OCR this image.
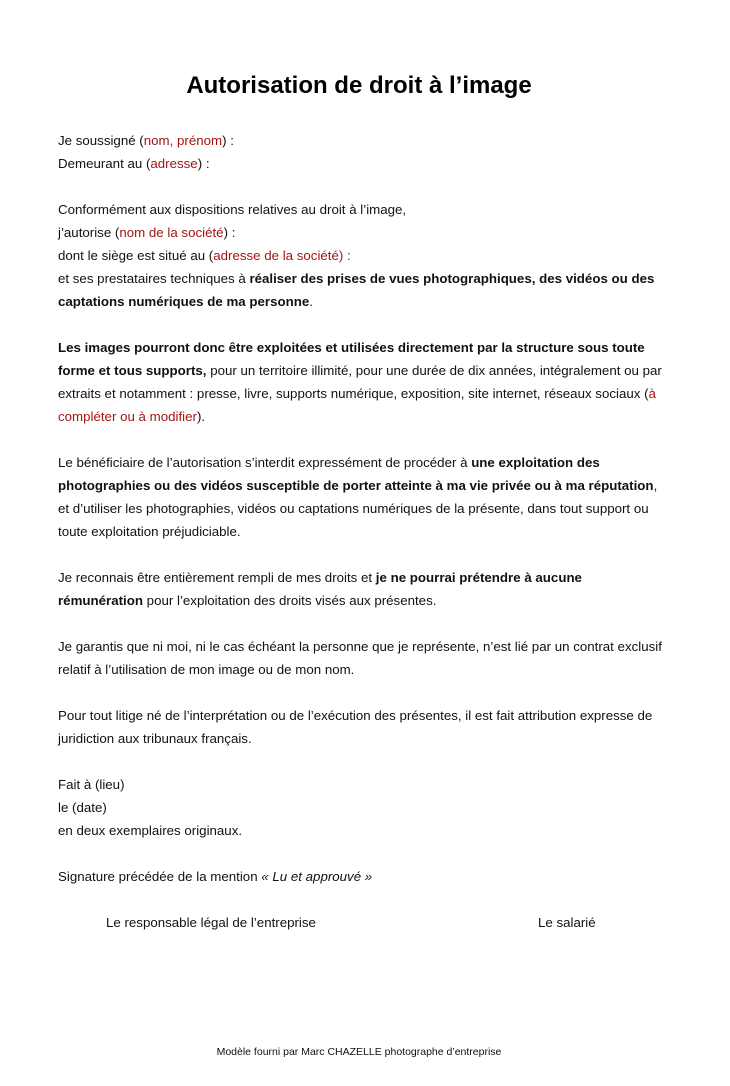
Autorisation de droit à l’image

Je soussigné (nom, prénom) :
Demeurant au (adresse) :

Conformément aux dispositions relatives au droit à l’image,
j’autorise (nom de la société) :
dont le siège est situé au (adresse de la société) :
et ses prestataires techniques à réaliser des prises de vues photographiques, des vidéos ou des captations numériques de ma personne.

Les images pourront donc être exploitées et utilisées directement par la structure sous toute forme et tous supports, pour un territoire illimité, pour une durée de dix années, intégralement ou par extraits et notamment : presse, livre, supports numérique, exposition, site internet, réseaux sociaux (à compléter ou à modifier).

Le bénéficiaire de l’autorisation s’interdit expressément de procéder à une exploitation des photographies ou des vidéos susceptible de porter atteinte à ma vie privée ou à ma réputation, et d’utiliser les photographies, vidéos ou captations numériques de la présente, dans tout support ou toute exploitation préjudiciable.

Je reconnais être entièrement rempli de mes droits et je ne pourrai prétendre à aucune rémunération pour l’exploitation des droits visés aux présentes.

Je garantis que ni moi, ni le cas échéant la personne que je représente, n’est lié par un contrat exclusif relatif à l’utilisation de mon image ou de mon nom.

Pour tout litige né de l’interprétation ou de l’exécution des présentes, il est fait attribution expresse de juridiction aux tribunaux français.

Fait à (lieu)
le (date)
en deux exemplaires originaux.

Signature précédée de la mention « Lu et approuvé »

Le responsable légal de l’entreprise	Le salarié
Modèle fourni par Marc CHAZELLE photographe d’entreprise
